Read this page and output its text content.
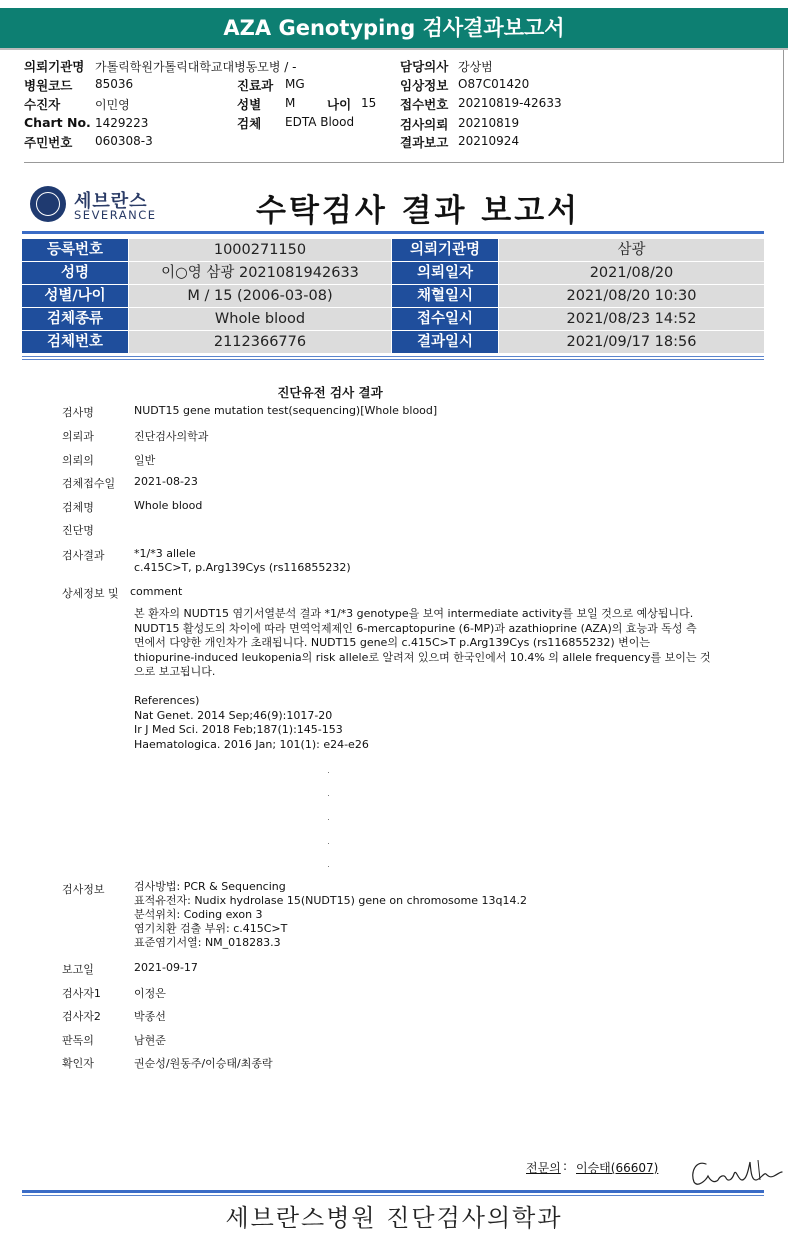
AZA Genotyping 검사결과보고서
의뢰기관명 가톨릭학원가톨릭대학교대병동모병 / -	담당의사 강상범
병원코드 85036	진료과 MG	임상정보 O87C01420
수진자	이민영	성별 M	나이 15 접수번호 20210819-42633
Chart No. 1429223	검체 EDTA Blood	검사의뢰 20210819
주민번호 060308-3	결과보고 20210924
세브란스
SEVERANCE	수탁검사 결과 보고서
등록번호	1000271150	의뢰기관명	삼광
성명	이○영 삼광 2021081942633	의뢰일자	2021/08/20
성별/나이	M / 15 (2006-03-08)	채혈일시	2021/08/20 10:30
검체종류	Whole blood	접수일시	2021/08/23 14:52
검체번호	2112366776	결과일시	2021/09/17 18:56
진단유전 검사 결과
검사명	NUDT15 gene mutation test(sequencing)[Whole blood]
의뢰과	진단검사의학과
의뢰의	일반
검체접수일 2021-08-23
검체명	Whole blood
진단명
검사결과	*1/*3 allele
c.415C>T, p.Arg139Cys (rs116855232)
상세정보 및 comment
본 환자의 NUDT15 염기서열분석 결과 *1/*3 genotype을 보여 intermediate activity를 보일 것으로 예상됩니다.
NUDT15 활성도의 차이에 따라 면역억제제인 6-mercaptopurine (6-MP)과 azathioprine (AZA)의 효능과 독성 측
면에서 다양한 개인차가 초래됩니다. NUDT15 gene의 c.415C>T p.Arg139Cys (rs116855232) 변이는
thiopurine-induced leukopenia의 risk allele로 알려져 있으며 한국인에서 10.4% 의 allele frequency를 보이는 것
으로 보고됩니다.
References)
Nat Genet. 2014 Sep;46(9):1017-20
Ir J Med Sci. 2018 Feb;187(1):145-153
Haematologica. 2016 Jan; 101(1): e24-e26
검사정보	검사방법: PCR & Sequencing
표적유전자: Nudix hydrolase 15(NUDT15) gene on chromosome 13q14.2
분석위치: Coding exon 3
염기치환 검출 부위: c.415C>T
표준염기서열: NM_018283.3
보고일	2021-09-17
검사자1	이정은
검사자2	박종선
판독의	남현준
확인자	권순성/원동주/이승태/최종락
전문의 : 이승태(66607)
세브란스병원 진단검사의학과
